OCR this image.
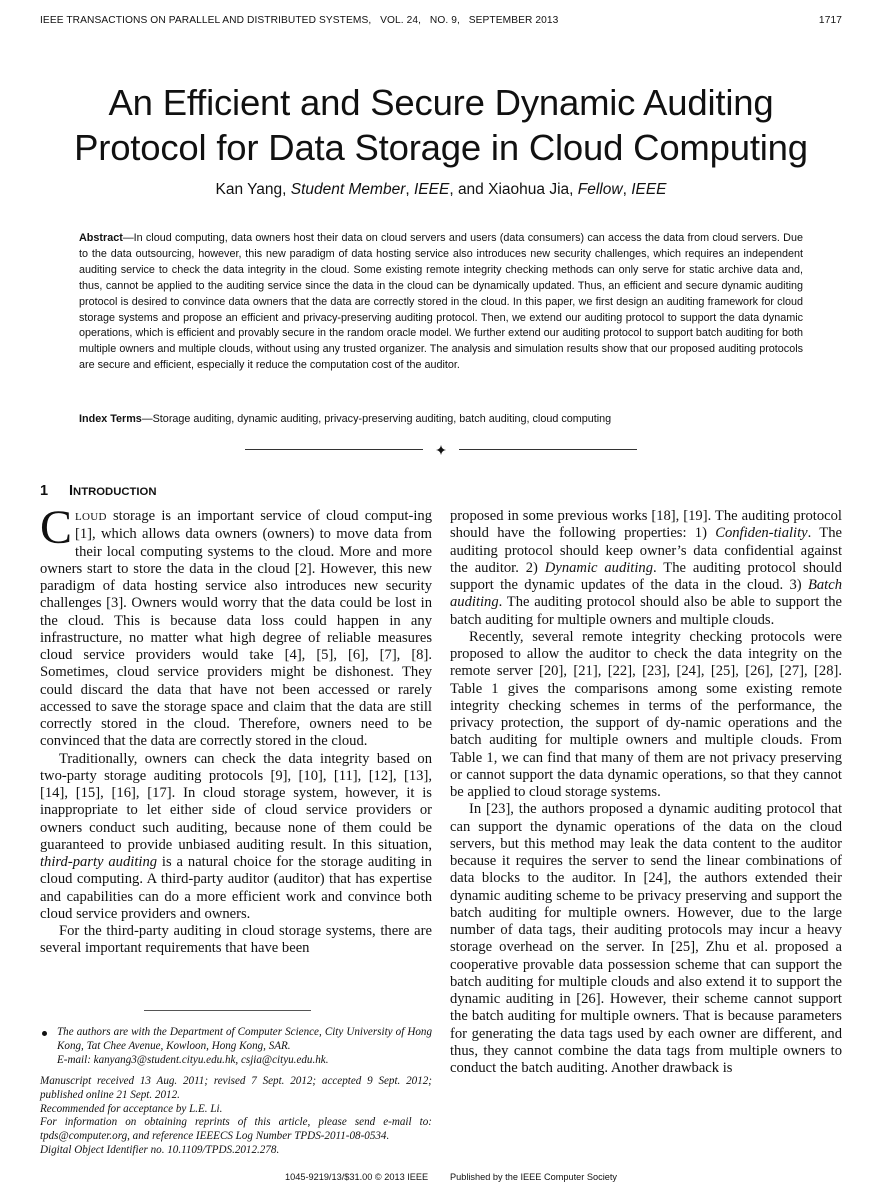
IEEE TRANSACTIONS ON PARALLEL AND DISTRIBUTED SYSTEMS,   VOL. 24,   NO. 9,   SEPTEMBER 2013	1717
An Efficient and Secure Dynamic Auditing
Protocol for Data Storage in Cloud Computing
Kan Yang, Student Member, IEEE, and Xiaohua Jia, Fellow, IEEE
Abstract—In cloud computing, data owners host their data on cloud servers and users (data consumers) can access the data from cloud servers. Due to the data outsourcing, however, this new paradigm of data hosting service also introduces new security challenges, which requires an independent auditing service to check the data integrity in the cloud. Some existing remote integrity checking methods can only serve for static archive data and, thus, cannot be applied to the auditing service since the data in the cloud can be dynamically updated. Thus, an efficient and secure dynamic auditing protocol is desired to convince data owners that the data are correctly stored in the cloud. In this paper, we first design an auditing framework for cloud storage systems and propose an efficient and privacy-preserving auditing protocol. Then, we extend our auditing protocol to support the data dynamic operations, which is efficient and provably secure in the random oracle model. We further extend our auditing protocol to support batch auditing for both multiple owners and multiple clouds, without using any trusted organizer. The analysis and simulation results show that our proposed auditing protocols are secure and efficient, especially it reduce the computation cost of the auditor.
Index Terms—Storage auditing, dynamic auditing, privacy-preserving auditing, batch auditing, cloud computing
1 INTRODUCTION

CLOUD storage is an important service of cloud comput-ing [1], which allows data owners (owners) to move data from their local computing systems to the cloud. More and more owners start to store the data in the cloud [2]. However, this new paradigm of data hosting service also introduces new security challenges [3]. Owners would worry that the data could be lost in the cloud. This is because data loss could happen in any infrastructure, no matter what high degree of reliable measures cloud service providers would take [4], [5], [6], [7], [8]. Sometimes, cloud service providers might be dishonest. They could discard the data that have not been accessed or rarely accessed to save the storage space and claim that the data are still correctly stored in the cloud. Therefore, owners need to be convinced that the data are correctly stored in the cloud.

Traditionally, owners can check the data integrity based on two-party storage auditing protocols [9], [10], [11], [12], [13], [14], [15], [16], [17]. In cloud storage system, however, it is inappropriate to let either side of cloud service providers or owners conduct such auditing, because none of them could be guaranteed to provide unbiased auditing result. In this situation, third-party auditing is a natural choice for the storage auditing in cloud computing. A third-party auditor (auditor) that has expertise and capabilities can do a more efficient work and convince both cloud service providers and owners.

For the third-party auditing in cloud storage systems, there are several important requirements that have been

The authors are with the Department of Computer Science, City University of Hong Kong, Tat Chee Avenue, Kowloon, Hong Kong, SAR.
E-mail: kanyang3@student.cityu.edu.hk, csjia@cityu.edu.hk.

Manuscript received 13 Aug. 2011; revised 7 Sept. 2012; accepted 9 Sept. 2012; published online 21 Sept. 2012.

Recommended for acceptance by L.E. Li.

For information on obtaining reprints of this article, please send e-mail to: tpds@computer.org, and reference IEEECS Log Number TPDS-2011-08-0534.

Digital Object Identifier no. 10.1109/TPDS.2012.278.

proposed in some previous works [18], [19]. The auditing protocol should have the following properties: 1) Confiden-tiality. The auditing protocol should keep owner’s data confidential against the auditor. 2) Dynamic auditing. The auditing protocol should support the dynamic updates of the data in the cloud. 3) Batch auditing. The auditing protocol should also be able to support the batch auditing for multiple owners and multiple clouds.

Recently, several remote integrity checking protocols were proposed to allow the auditor to check the data integrity on the remote server [20], [21], [22], [23], [24], [25], [26], [27], [28]. Table 1 gives the comparisons among some existing remote integrity checking schemes in terms of the performance, the privacy protection, the support of dy-namic operations and the batch auditing for multiple owners and multiple clouds. From Table 1, we can find that many of them are not privacy preserving or cannot support the data dynamic operations, so that they cannot be applied to cloud storage systems.

In [23], the authors proposed a dynamic auditing protocol that can support the dynamic operations of the data on the cloud servers, but this method may leak the data content to the auditor because it requires the server to send the linear combinations of data blocks to the auditor. In [24], the authors extended their dynamic auditing scheme to be privacy preserving and support the batch auditing for multiple owners. However, due to the large number of data tags, their auditing protocols may incur a heavy storage overhead on the server. In [25], Zhu et al. proposed a cooperative provable data possession scheme that can support the batch auditing for multiple clouds and also extend it to support the dynamic auditing in [26]. However, their scheme cannot support the batch auditing for multiple owners. That is because parameters for generating the data tags used by each owner are different, and thus, they cannot combine the data tags from multiple owners to conduct the batch auditing. Another drawback is

1045-9219/13/$31.00 © 2013 IEEE Published by the IEEE Computer Society
